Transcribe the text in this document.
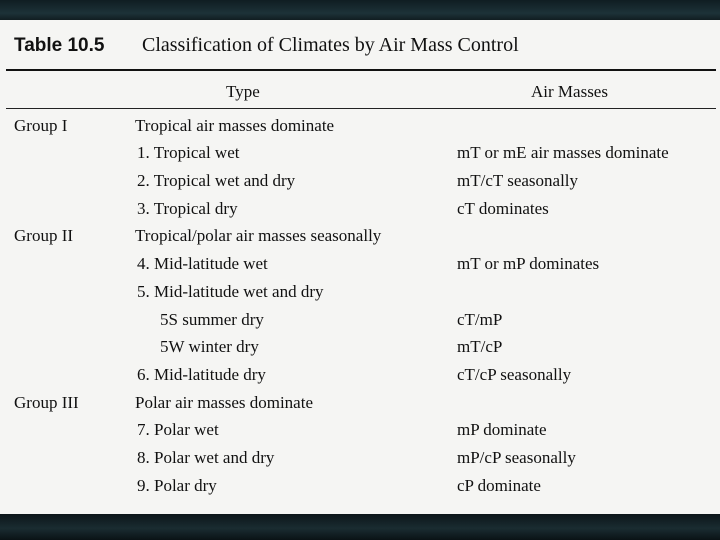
Table 10.5 Classification of Climates by Air Mass Control
Type	Air Masses
Group I	Tropical air masses dominate
1. Tropical wet	mT or mE air masses dominate
2. Tropical wet and dry	mT/cT seasonally
3. Tropical dry	cT dominates
Group II	Tropical/polar air masses seasonally
4. Mid-latitude wet	mT or mP dominates
5. Mid-latitude wet and dry
5S summer dry	cT/mP
5W winter dry	mT/cP
6. Mid-latitude dry	cT/cP seasonally
Group III	Polar air masses dominate
7. Polar wet	mP dominate
8. Polar wet and dry	mP/cP seasonally
9. Polar dry	cP dominate
